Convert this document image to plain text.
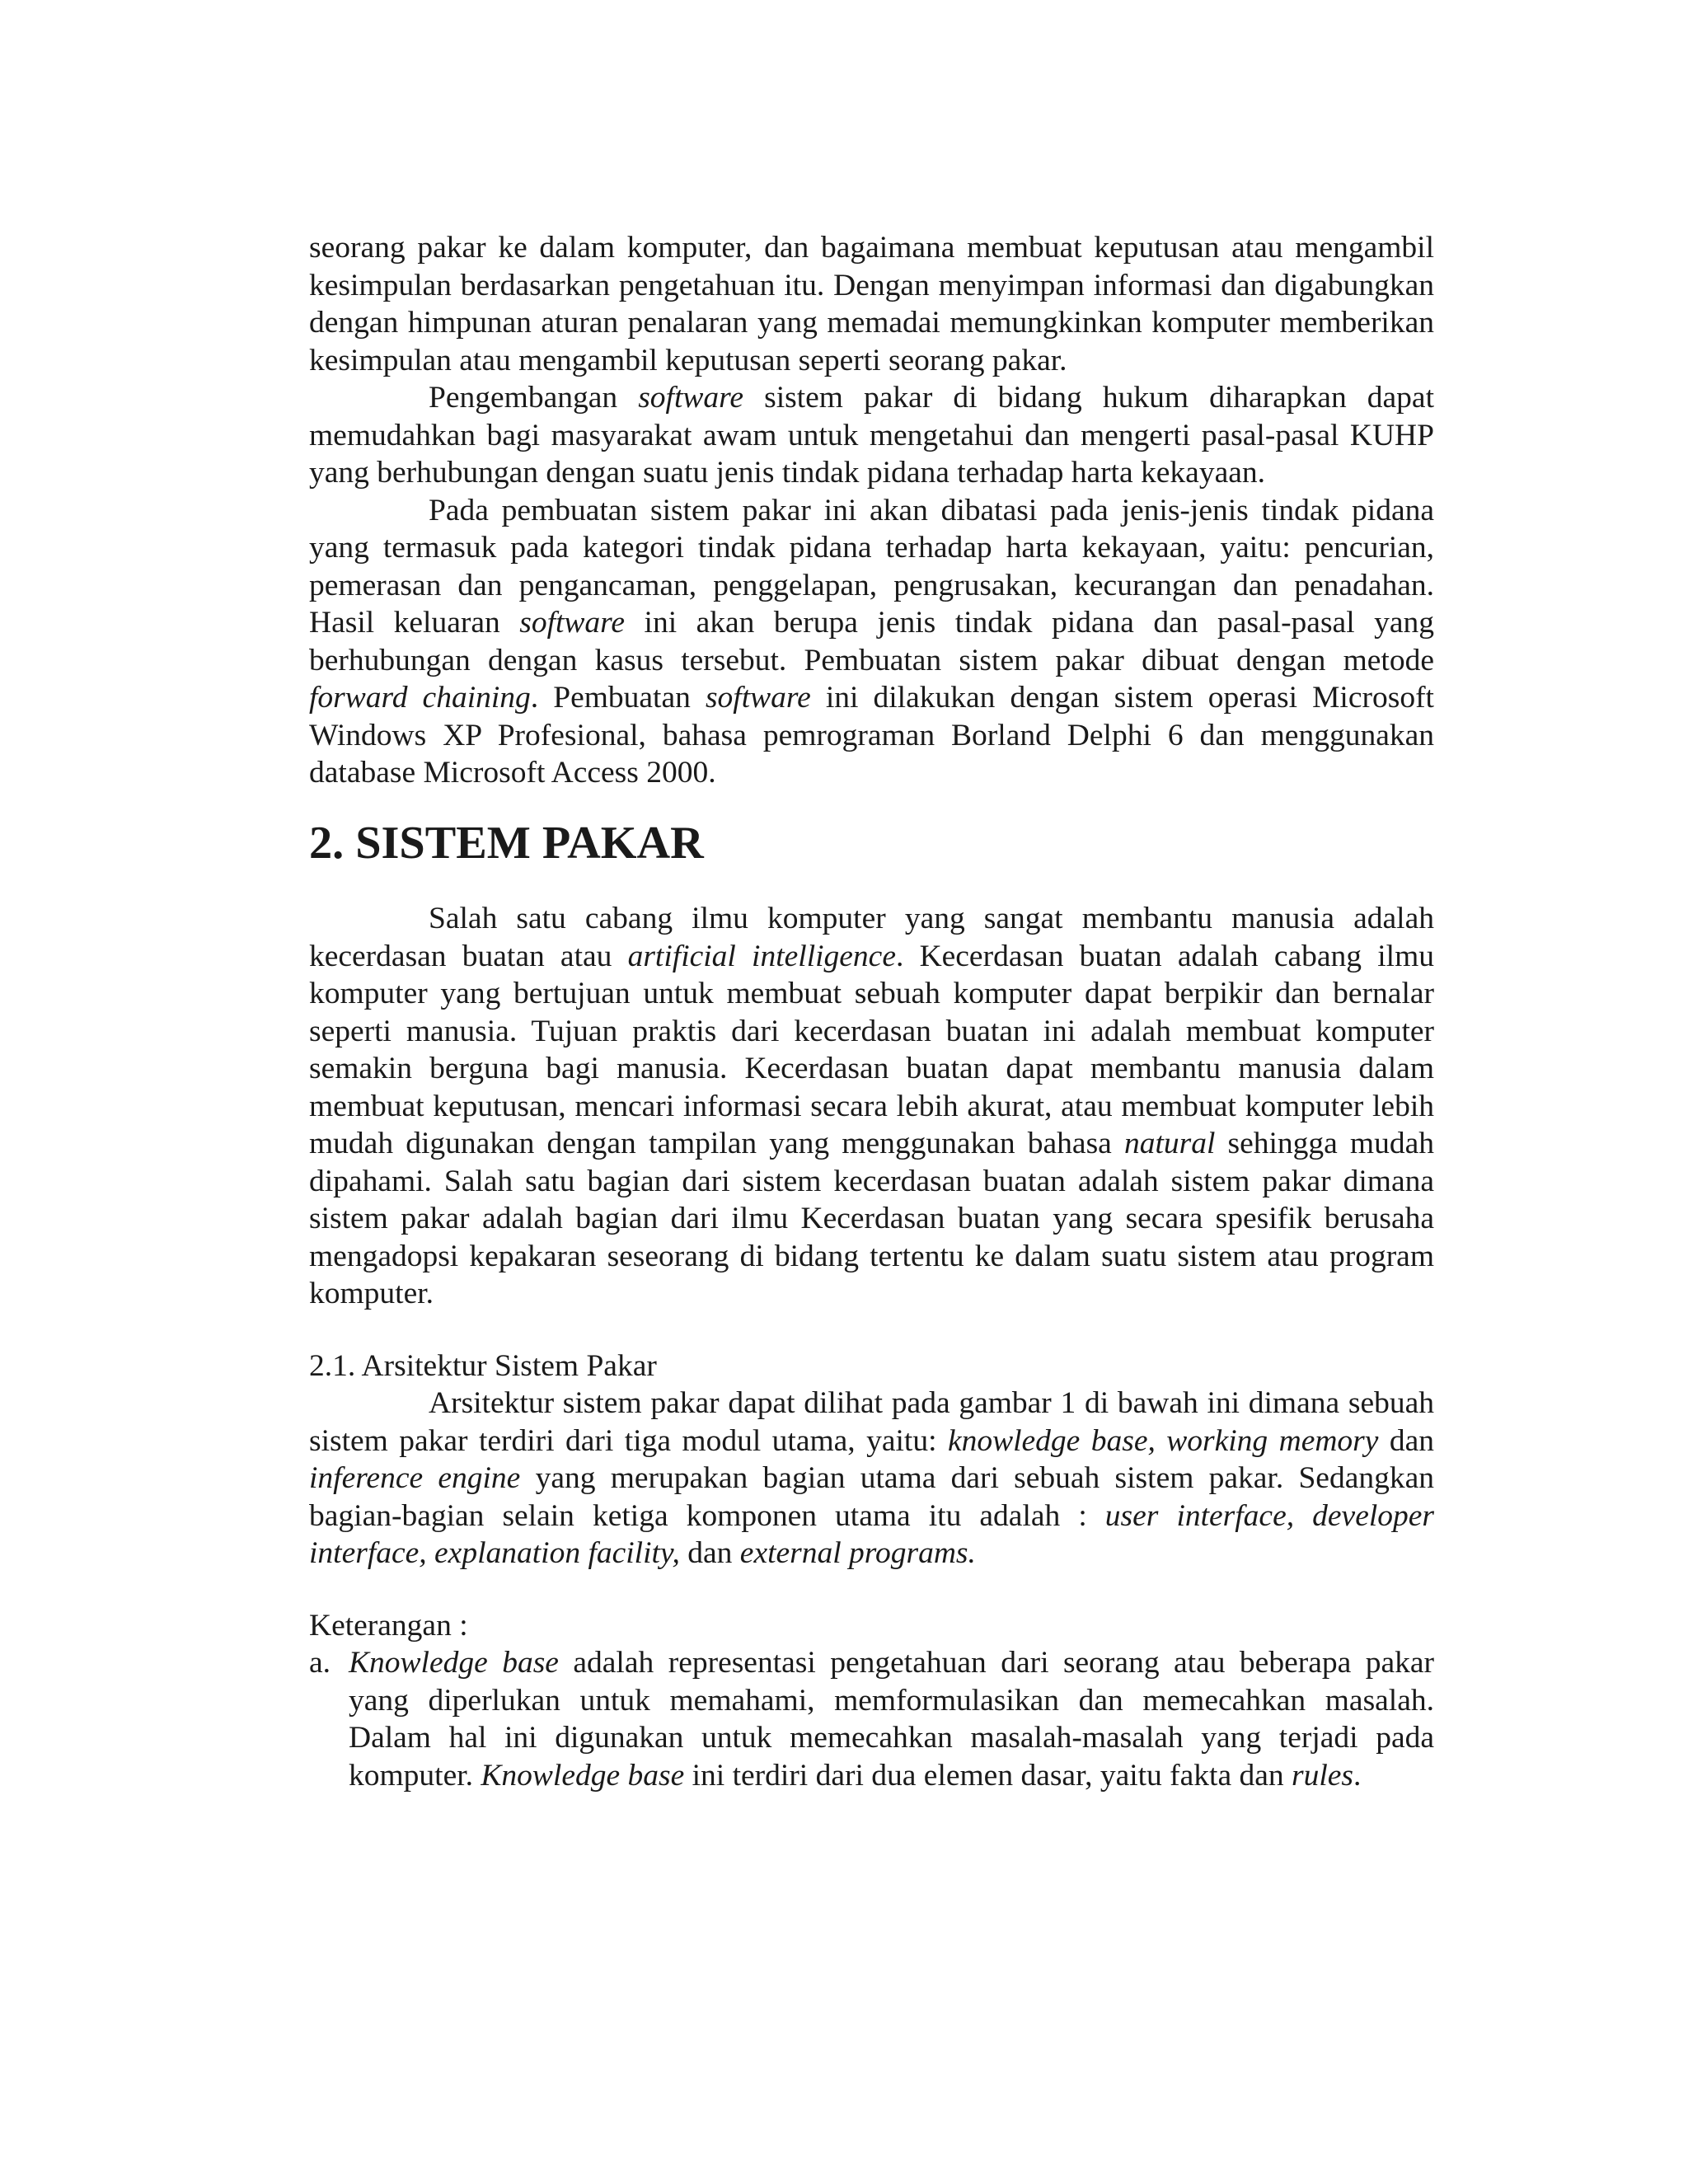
seorang pakar ke dalam komputer, dan bagaimana membuat keputusan atau mengambil kesimpulan berdasarkan pengetahuan itu. Dengan menyimpan informasi dan digabungkan dengan himpunan aturan penalaran yang memadai memungkinkan komputer memberikan kesimpulan atau mengambil keputusan seperti seorang pakar.

Pengembangan software sistem pakar di bidang hukum diharapkan dapat memudahkan bagi masyarakat awam untuk mengetahui dan mengerti pasal-pasal KUHP yang berhubungan dengan suatu jenis tindak pidana terhadap harta kekayaan.

Pada pembuatan sistem pakar ini akan dibatasi pada jenis-jenis tindak pidana yang termasuk pada kategori tindak pidana terhadap harta kekayaan, yaitu: pencurian, pemerasan dan pengancaman, penggelapan, pengrusakan, kecurangan dan penadahan. Hasil keluaran software ini akan berupa jenis tindak pidana dan pasal-pasal yang berhubungan dengan kasus tersebut. Pembuatan sistem pakar dibuat dengan metode forward chaining. Pembuatan software ini dilakukan dengan sistem operasi Microsoft Windows XP Profesional, bahasa pemrograman Borland Delphi 6 dan menggunakan database Microsoft Access 2000.

2. SISTEM PAKAR

Salah satu cabang ilmu komputer yang sangat membantu manusia adalah kecerdasan buatan atau artificial intelligence. Kecerdasan buatan adalah cabang ilmu komputer yang bertujuan untuk membuat sebuah komputer dapat berpikir dan bernalar seperti manusia. Tujuan praktis dari kecerdasan buatan ini adalah membuat komputer semakin berguna bagi manusia. Kecerdasan buatan dapat membantu manusia dalam membuat keputusan, mencari informasi secara lebih akurat, atau membuat komputer lebih mudah digunakan dengan tampilan yang menggunakan bahasa natural sehingga mudah dipahami. Salah satu bagian dari sistem kecerdasan buatan adalah sistem pakar dimana sistem pakar adalah bagian dari ilmu Kecerdasan buatan yang secara spesifik berusaha mengadopsi kepakaran seseorang di bidang tertentu ke dalam suatu sistem atau program komputer.

2.1. Arsitektur Sistem Pakar

Arsitektur sistem pakar dapat dilihat pada gambar 1 di bawah ini dimana sebuah sistem pakar terdiri dari tiga modul utama, yaitu: knowledge base, working memory dan inference engine yang merupakan bagian utama dari sebuah sistem pakar. Sedangkan bagian-bagian selain ketiga komponen utama itu adalah : user interface, developer interface, explanation facility, dan external programs.

Keterangan :

a. Knowledge base adalah representasi pengetahuan dari seorang atau beberapa pakar yang diperlukan untuk memahami, memformulasikan dan memecahkan masalah. Dalam hal ini digunakan untuk memecahkan masalah-masalah yang terjadi pada komputer. Knowledge base ini terdiri dari dua elemen dasar, yaitu fakta dan rules.
